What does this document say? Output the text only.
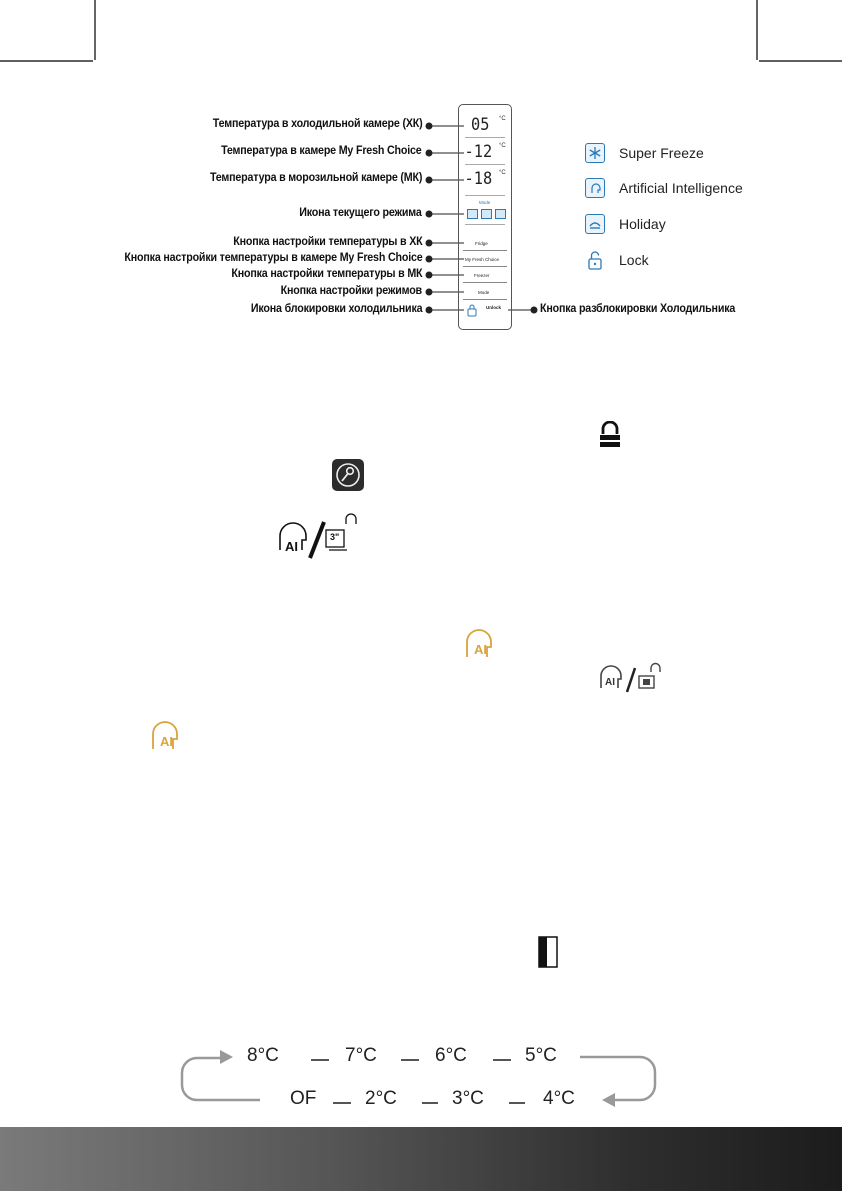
Температура в холодильной камере (ХК)
Температура в камере My Fresh Choice
Температура в морозильной камере (МК)
Икона текущего режима
Кнопка настройки температуры в ХК
Кнопка настройки температуры в камере My Fresh Choice
Кнопка настройки температуры в МК
Кнопка настройки режимов
Икона блокировки холодильника
05 °C
-12 °C
-18 °C
Mode
Fridge
My Fresh Choice
Freezer
Mode
Unlock	Кнопка разблокировки Холодильника
Super Freeze
Artificial Intelligence
Holiday
Lock
AI
3"
AI
AI
AI
8°C	7°C	6°C	5°C
OF	2°C	3°C	4°C
